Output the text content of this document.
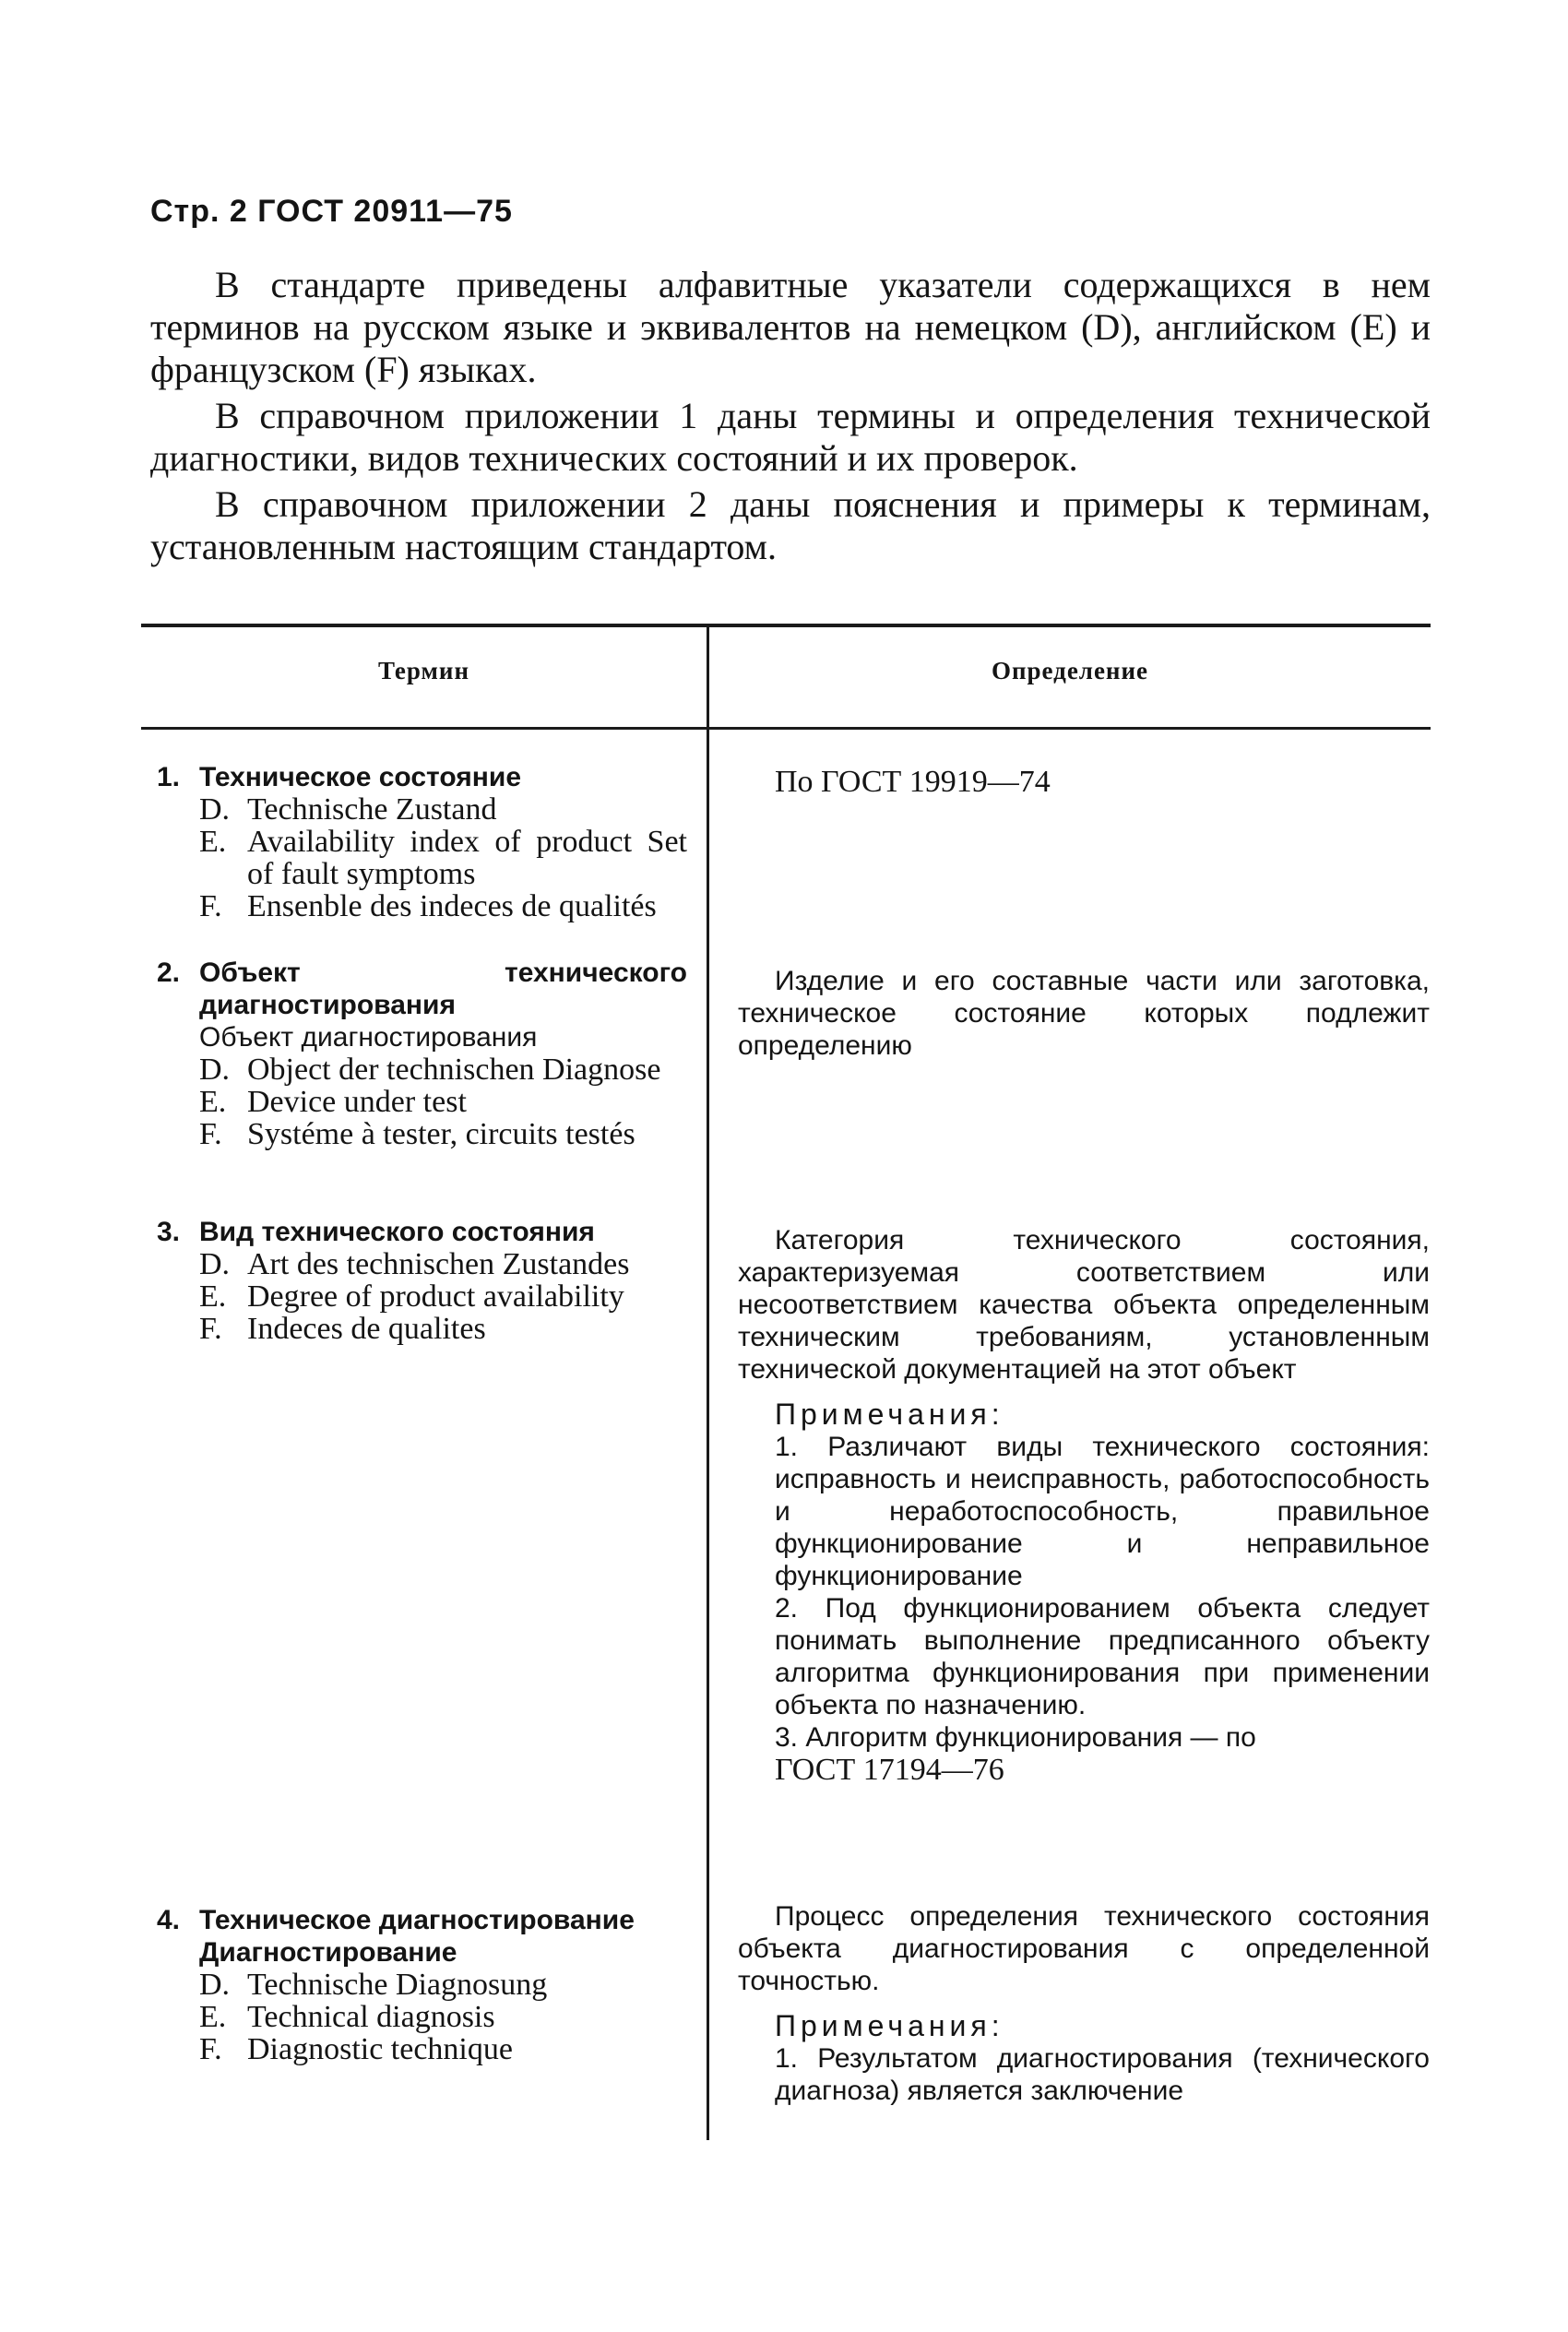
Стр. 2 ГОСТ 20911—75

В стандарте приведены алфавитные указатели содержащихся в нем терминов на русском языке и эквивалентов на немецком (D), английском (E) и французском (F) языках.

В справочном приложении 1 даны термины и определения технической диагностики, видов технических состояний и их проверок.

В справочном приложении 2 даны пояснения и примеры к терминам, установленным настоящим стандартом.

Термин	Определение
1. Техническое состояние
D. Technische Zustand
E. Availability index of product Set of fault symptoms
F. Ensenble des indeces de qualités
По ГОСТ 19919—74
2. Объект технического диагностирования
Объект диагностирования
D. Object der technischen Diagnose
E. Device under test
F. Systéme à tester, circuits testés
Изделие и его составные части или заготовка, техническое состояние которых подлежит определению
3. Вид технического состояния
D. Art des technischen Zustandes
E. Degree of product availability
F. Indeces de qualites
Категория технического состояния, характеризуемая соответствием или несоответствием качества объекта определенным техническим требованиям, установленным технической документацией на этот объект
Примечания:
1. Различают виды технического состояния: исправность и неисправность, работоспособность и неработоспособность, правильное функционирование и неправильное функционирование
2. Под функционированием объекта следует понимать выполнение предписанного объекту алгоритма функционирования при применении объекта по назначению.
3. Алгоритм функционирования — по
ГОСТ 17194—76
4. Техническое диагностирование
Диагностирование
D. Technische Diagnosung
E. Technical diagnosis
F. Diagnostic technique
Процесс определения технического состояния объекта диагностирования с определенной точностью.
Примечания:
1. Результатом диагностирования (технического диагноза) является заключение
